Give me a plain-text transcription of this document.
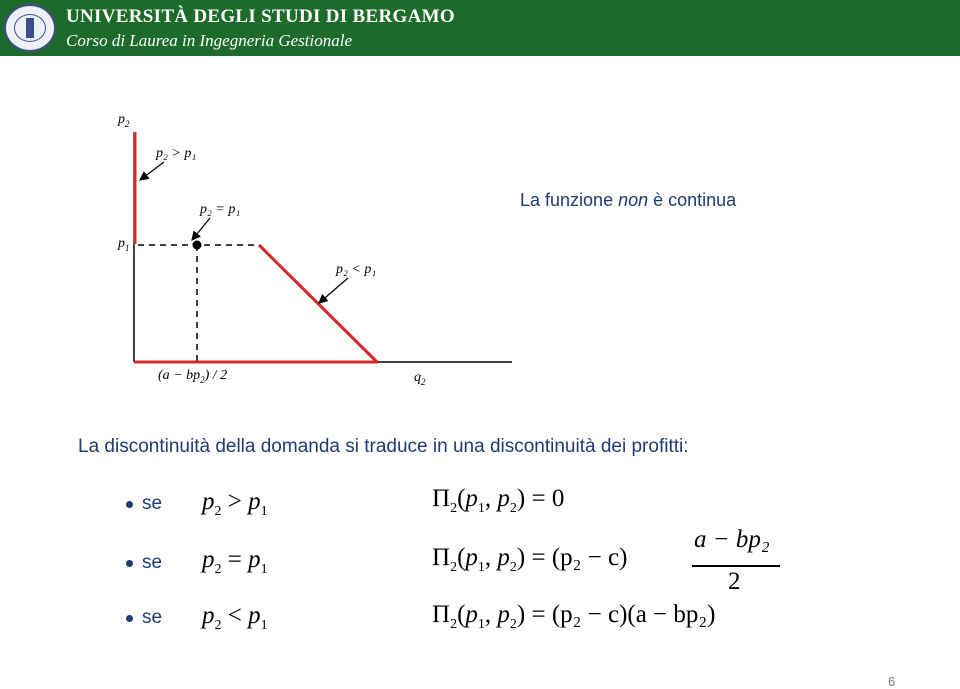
UNIVERSITÀ DEGLI STUDI DI BERGAMO
Corso di Laurea in Ingegneria Gestionale
$p_2$
p₂ > p₁
p₂ = p₁
$p_1$
p₂ < p₁
$(a - bp_2) / 2$	$q_2$
La funzione non è continua
La discontinuità della domanda si traduce in una discontinuità dei profitti:
se $p_2 > p_1$	$\Pi_2(p_1$, $p_2) = 0$
se $p_2 = p_1$	$\Pi_2(p_1$, $p_2) = (p_2 - c)$
a − bp₂
2
se $p_2 < p_1$	$\Pi_2(p_1$, $p_2) = (p_2 - c)(a - bp_2)$
6
